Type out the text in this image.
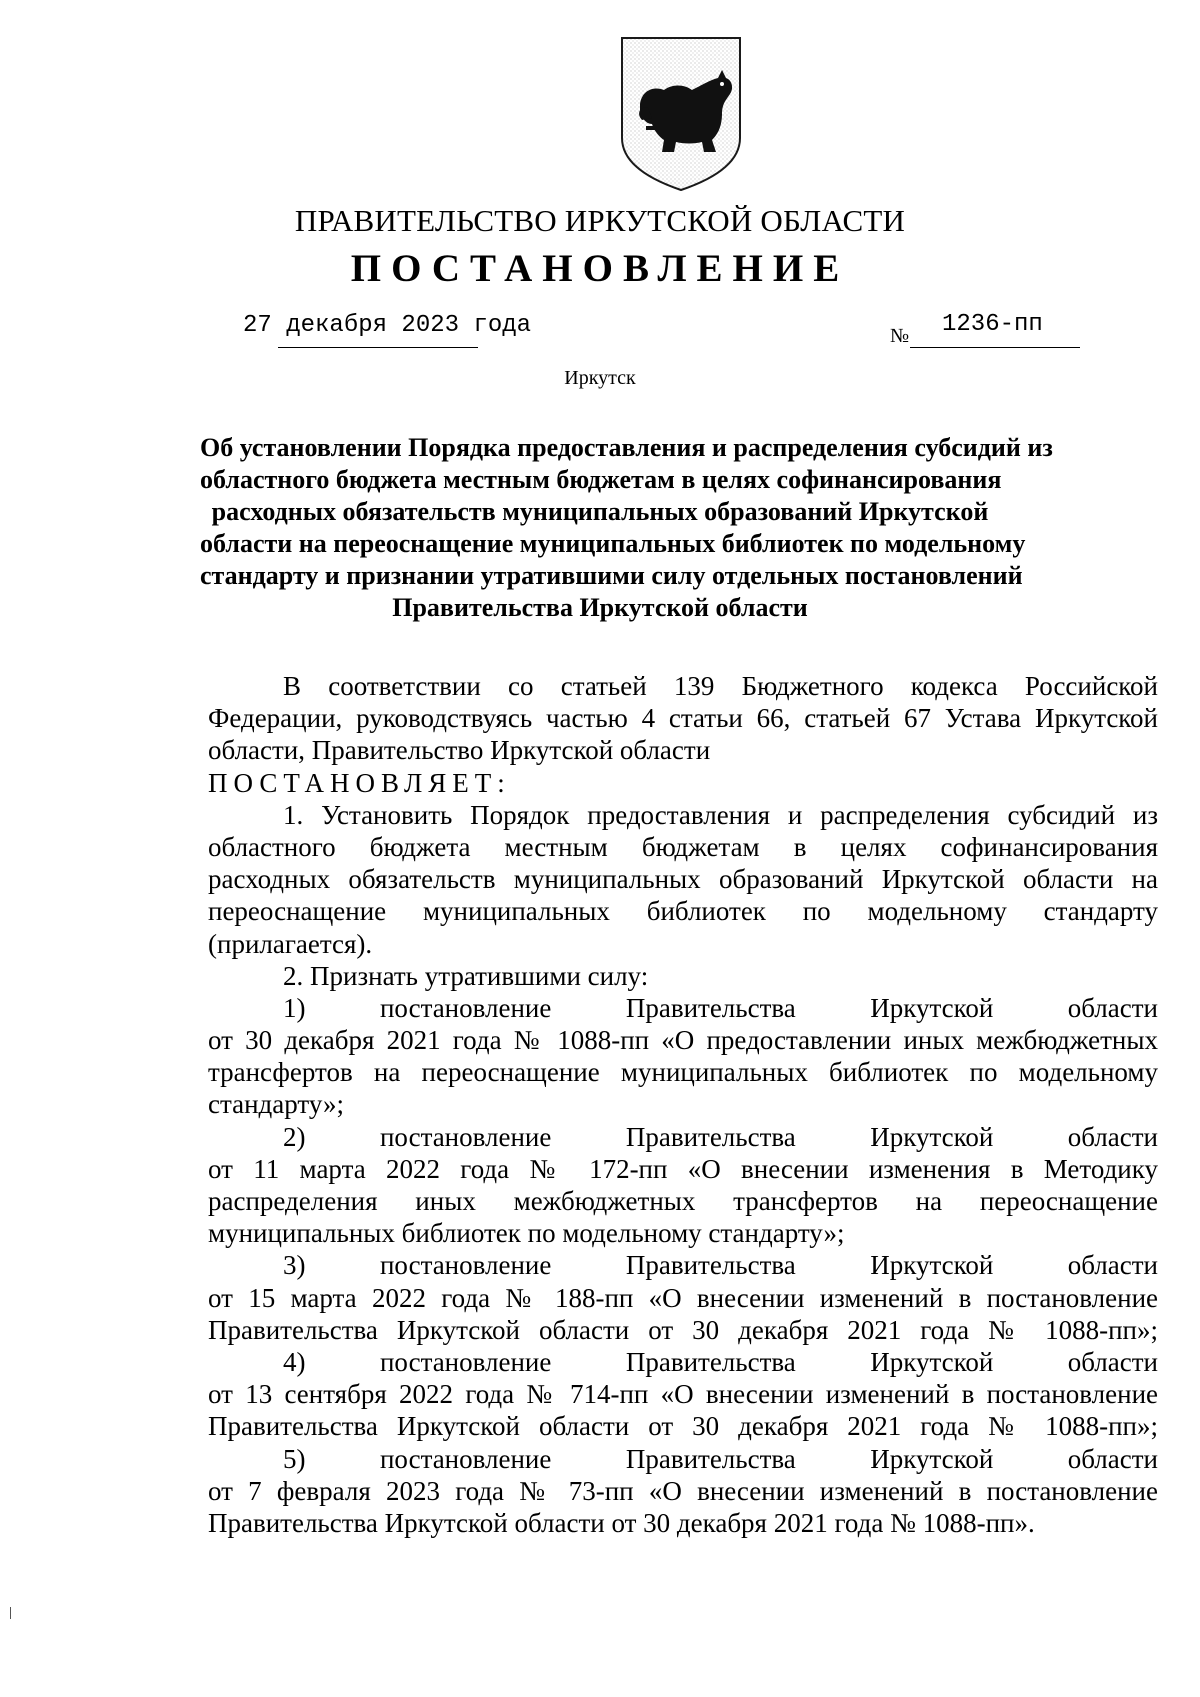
ПРАВИТЕЛЬСТВО ИРКУТСКОЙ ОБЛАСТИ
ПОСТАНОВЛЕНИЕ
27 декабря 2023 года	№ 1236-пп
Иркутск
Об установлении Порядка предоставления и распределения субсидий из
областного бюджета местным бюджетам в целях софинансирования
расходных обязательств муниципальных образований Иркутской
области на переоснащение муниципальных библиотек по модельному
стандарту и признании утратившими силу отдельных постановлений
Правительства Иркутской области
В соответствии со статьей 139 Бюджетного кодекса Российской
Федерации, руководствуясь частью 4 статьи 66, статьей 67 Устава Иркутской
области, Правительство Иркутской области
ПОСТАНОВЛЯЕТ:
1. Установить Порядок предоставления и распределения субсидий из
областного бюджета местным бюджетам в целях софинансирования
расходных обязательств муниципальных образований Иркутской области на
переоснащение муниципальных библиотек по модельному стандарту
(прилагается).
2. Признать утратившими силу:
1) постановление Правительства Иркутской области
от 30 декабря 2021 года № 1088-пп «О предоставлении иных межбюджетных
трансфертов на переоснащение муниципальных библиотек по модельному
стандарту»;
2) постановление Правительства Иркутской области
от 11 марта 2022 года № 172-пп «О внесении изменения в Методику
распределения иных межбюджетных трансфертов на переоснащение
муниципальных библиотек по модельному стандарту»;
3) постановление Правительства Иркутской области
от 15 марта 2022 года № 188-пп «О внесении изменений в постановление
Правительства Иркутской области от 30 декабря 2021 года № 1088-пп»;
4) постановление Правительства Иркутской области
от 13 сентября 2022 года № 714-пп «О внесении изменений в постановление
Правительства Иркутской области от 30 декабря 2021 года № 1088-пп»;
5) постановление Правительства Иркутской области
от 7 февраля 2023 года № 73-пп «О внесении изменений в постановление
Правительства Иркутской области от 30 декабря 2021 года № 1088-пп».
